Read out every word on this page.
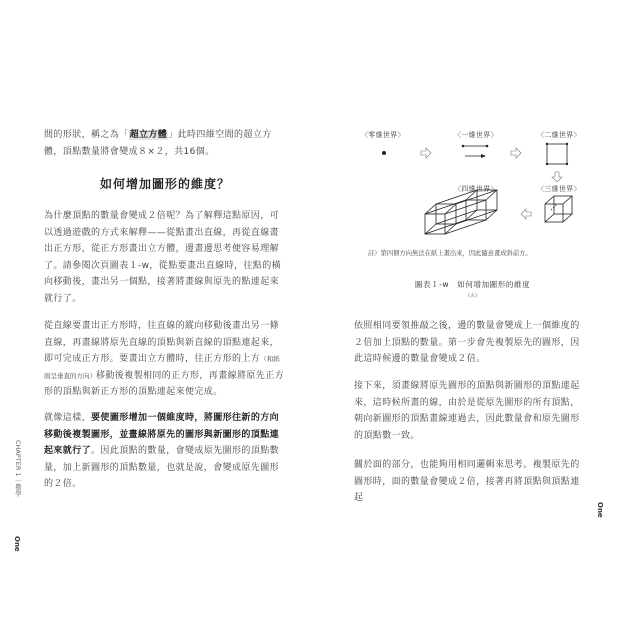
間的形狀，稱之為「超立方體」此時四維空間的超立方體，頂點數量將會變成８×２，共16個。

如何增加圖形的維度？

為什麼頂點的數量會變成２倍呢？為了解釋這點原因，可以透過遊戲的方式來解釋——從點畫出直線，再從直線畫出正方形，從正方形畫出立方體，邊畫邊思考便容易理解了。請參閱次頁圖表１-w，從點要畫出直線時，往點的橫向移動後，畫出另一個點，接著將畫線與原先的點連起來就行了。

從直線要畫出正方形時，往直線的縱向移動後畫出另一條直線，再畫線將原先直線的頂點與新直線的頂點連起來，即可完成正方形。要畫出立方體時，往正方形的上方（和紙面呈垂直的方向）移動後複製相同的正方形，再畫線將原先正方形的頂點與新正方形的頂點連起來便完成。

就像這樣，要使圖形增加一個維度時，將圖形往新的方向移動後複製圖形，並畫線將原先的圖形與新圖形的頂點連起來就行了。因此頂點的數量，會變成原先圖形的頂點數量，加上新圖形的頂點數量，也就是說，會變成原先圖形的２倍。

CHAPTER 1｜數學
One
〈零維世界〉	〈一維世界〉	〈二維世界〉
〈三維世界〉
〈四維世界〉
註）第四個方向無法在紙上畫出來，因此隨意畫成斜前方。
圖表１-w　如何增加圖形的維度
(Ａ)

依照相同要領推敲之後，邊的數量會變成上一個維度的２倍加上頂點的數量。第一步會先複製原先的圖形，因此這時候邊的數量會變成２倍。

接下來，須畫線將原先圖形的頂點與新圖形的頂點連起來，這時候所畫的線，由於是從原先圖形的所有頂點，朝向新圖形的頂點畫線連過去，因此數量會和原先圖形的頂點數一致。

關於面的部分，也能夠用相同邏輯來思考。複製原先的圖形時，面的數量會變成２倍，接著再將頂點與頂點連起

One
